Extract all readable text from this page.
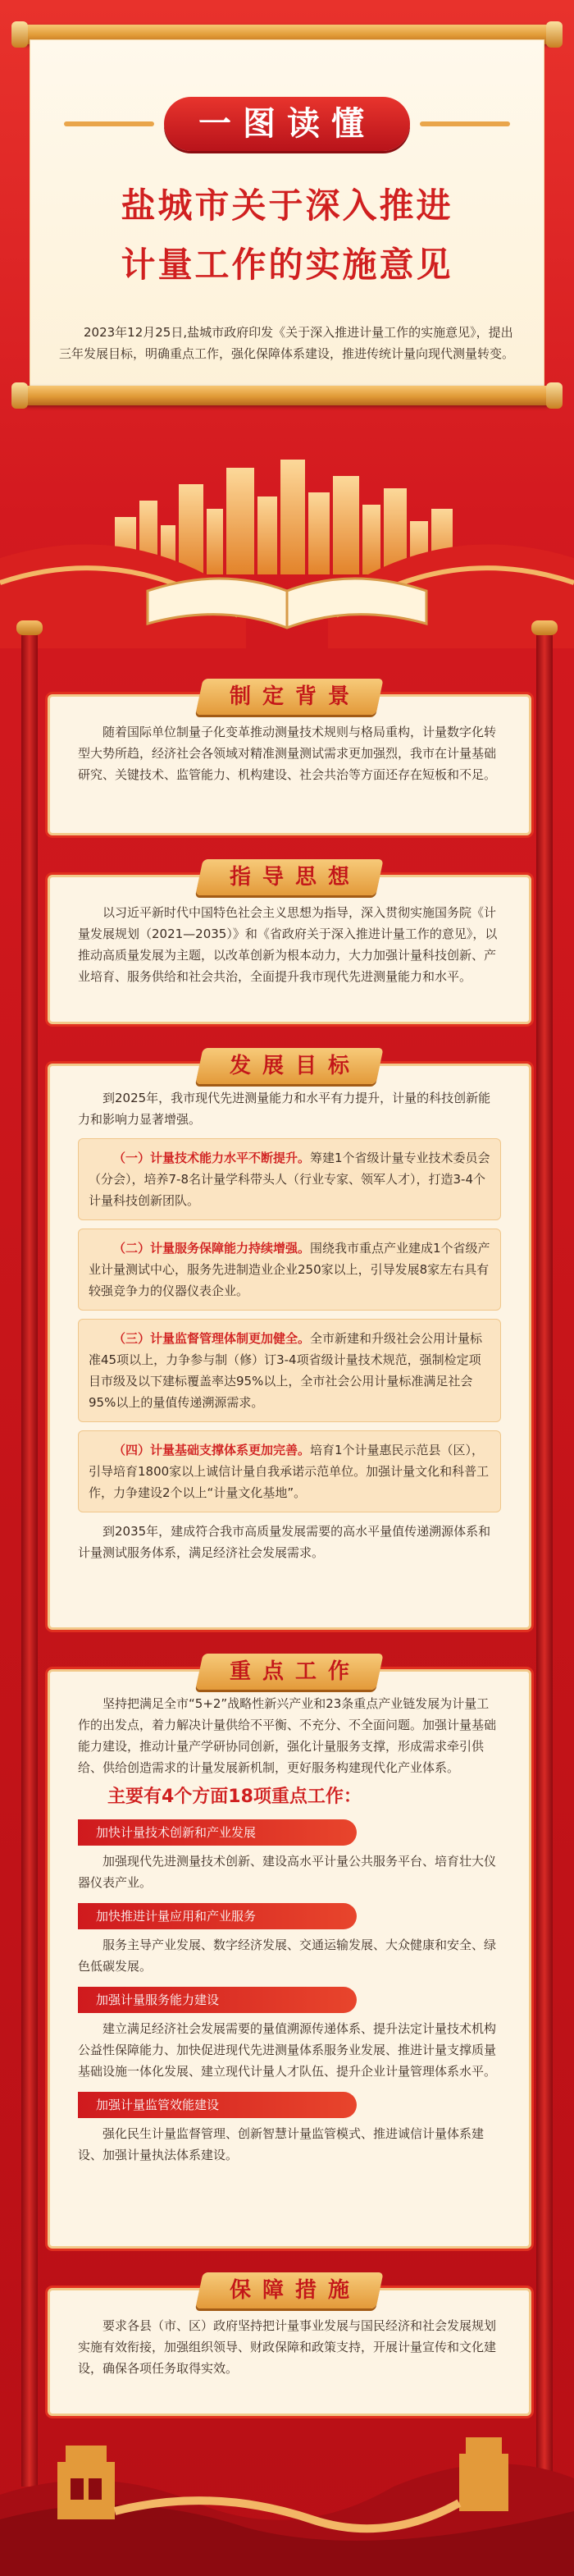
一图读懂
盐城市关于深入推进
计量工作的实施意见
2023年12月25日,盐城市政府印发《关于深入推进计量工作的实施意见》，提出三年发展目标，明确重点工作，强化保障体系建设，推进传统计量向现代测量转变。
制定背景

随着国际单位制量子化变革推动测量技术规则与格局重构，计量数字化转型大势所趋，经济社会各领域对精准测量测试需求更加强烈，我市在计量基础研究、关键技术、监管能力、机构建设、社会共治等方面还存在短板和不足。

指导思想

以习近平新时代中国特色社会主义思想为指导，深入贯彻实施国务院《计量发展规划（2021—2035）》和《省政府关于深入推进计量工作的意见》，以推动高质量发展为主题，以改革创新为根本动力，大力加强计量科技创新、产业培育、服务供给和社会共治，全面提升我市现代先进测量能力和水平。

发展目标

到2025年，我市现代先进测量能力和水平有力提升，计量的科技创新能力和影响力显著增强。

（一）计量技术能力水平不断提升。筹建1个省级计量专业技术委员会（分会），培养7-8名计量学科带头人（行业专家、领军人才），打造3-4个计量科技创新团队。
（二）计量服务保障能力持续增强。围绕我市重点产业建成1个省级产业计量测试中心，服务先进制造业企业250家以上，引导发展8家左右具有较强竞争力的仪器仪表企业。
（三）计量监督管理体制更加健全。全市新建和升级社会公用计量标准45项以上，力争参与制（修）订3-4项省级计量技术规范，强制检定项目市级及以下建标覆盖率达95%以上，全市社会公用计量标准满足社会95%以上的量值传递溯源需求。
（四）计量基础支撑体系更加完善。培育1个计量惠民示范县（区），引导培育1800家以上诚信计量自我承诺示范单位。加强计量文化和科普工作，力争建设2个以上“计量文化基地”。

到2035年，建成符合我市高质量发展需要的高水平量值传递溯源体系和计量测试服务体系，满足经济社会发展需求。

重点工作

坚持把满足全市“5+2”战略性新兴产业和23条重点产业链发展为计量工作的出发点，着力解决计量供给不平衡、不充分、不全面问题。加强计量基础能力建设，推动计量产学研协同创新，强化计量服务支撑，形成需求牵引供给、供给创造需求的计量发展新机制，更好服务构建现代化产业体系。

主要有4个方面18项重点工作：
加快计量技术创新和产业发展

加强现代先进测量技术创新、建设高水平计量公共服务平台、培育壮大仪器仪表产业。

加快推进计量应用和产业服务

服务主导产业发展、数字经济发展、交通运输发展、大众健康和安全、绿色低碳发展。

加强计量服务能力建设

建立满足经济社会发展需要的量值溯源传递体系、提升法定计量技术机构公益性保障能力、加快促进现代先进测量体系服务业发展、推进计量支撑质量基础设施一体化发展、建立现代计量人才队伍、提升企业计量管理体系水平。

加强计量监管效能建设

强化民生计量监督管理、创新智慧计量监管模式、推进诚信计量体系建设、加强计量执法体系建设。

保障措施

要求各县（市、区）政府坚持把计量事业发展与国民经济和社会发展规划实施有效衔接，加强组织领导、财政保障和政策支持，开展计量宣传和文化建设，确保各项任务取得实效。
